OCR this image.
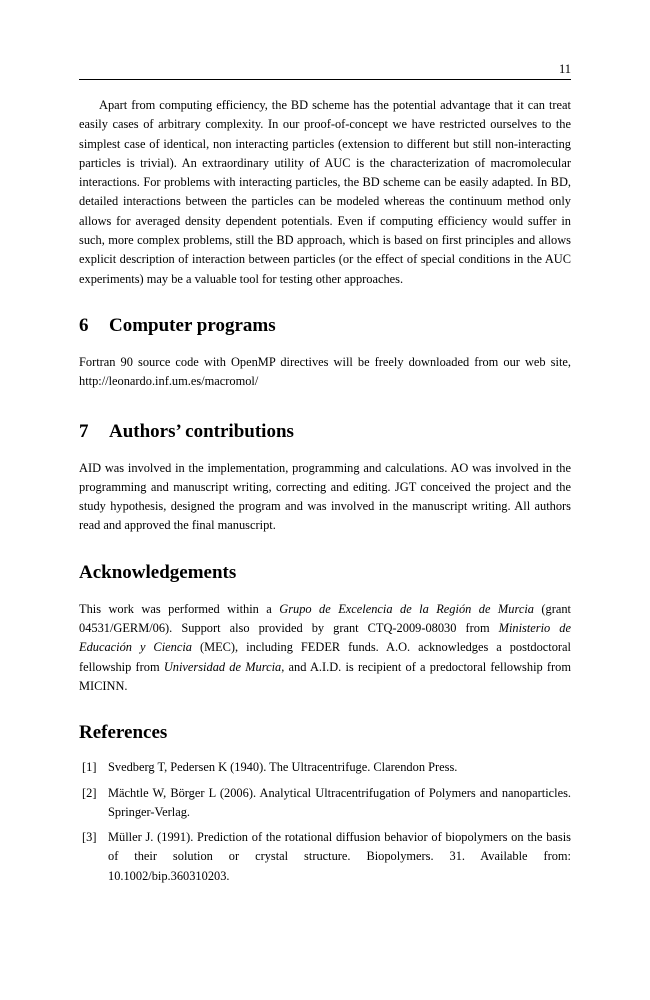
11

Apart from computing efficiency, the BD scheme has the potential advantage that it can treat easily cases of arbitrary complexity. In our proof-of-concept we have restricted ourselves to the simplest case of identical, non interacting particles (extension to different but still non-interacting particles is trivial). An extraordinary utility of AUC is the characterization of macromolecular interactions. For problems with interacting particles, the BD scheme can be easily adapted. In BD, detailed interactions between the particles can be modeled whereas the continuum method only allows for averaged density dependent potentials. Even if computing efficiency would suffer in such, more complex problems, still the BD approach, which is based on first principles and allows explicit description of interaction between particles (or the effect of special conditions in the AUC experiments) may be a valuable tool for testing other approaches.

6 Computer programs

Fortran 90 source code with OpenMP directives will be freely downloaded from our web site, http://leonardo.inf.um.es/macromol/

7 Authors’ contributions

AID was involved in the implementation, programming and calculations. AO was involved in the programming and manuscript writing, correcting and editing. JGT conceived the project and the study hypothesis, designed the program and was involved in the manuscript writing. All authors read and approved the final manuscript.

Acknowledgements

This work was performed within a Grupo de Excelencia de la Región de Murcia (grant 04531/GERM/06). Support also provided by grant CTQ-2009-08030 from Ministerio de Educación y Ciencia (MEC), including FEDER funds. A.O. acknowledges a postdoctoral fellowship from Universidad de Murcia, and A.I.D. is recipient of a predoctoral fellowship from MICINN.

References
[1] Svedberg T, Pedersen K (1940). The Ultracentrifuge. Clarendon Press.
[2] Mächtle W, Börger L (2006). Analytical Ultracentrifugation of Polymers and nanoparticles. Springer-Verlag.
[3] Müller J. (1991). Prediction of the rotational diffusion behavior of biopolymers on the basis of their solution or crystal structure. Biopolymers. 31. Available from: 10.1002/bip.360310203.
